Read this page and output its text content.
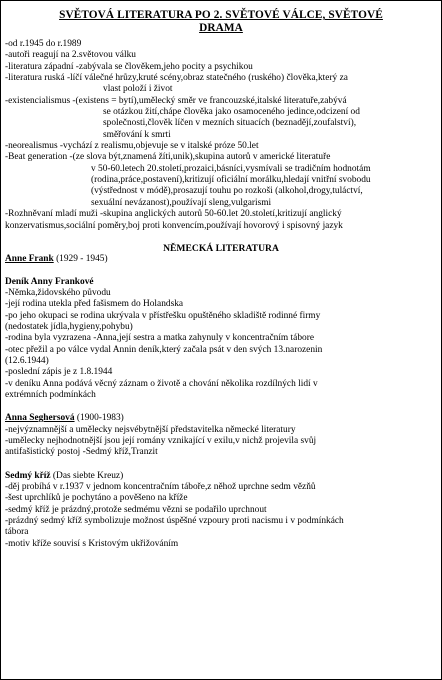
SVĚTOVÁ LITERATURA PO 2. SVĚTOVÉ VÁLCE, SVĚTOVÉ
DRAMA
-od r.1945 do r.1989
-autoři reagují na 2.světovou válku
-literatura západní -zabývala se člověkem,jeho pocity a psychikou
-literatura ruská -líčí válečné hrůzy,kruté scény,obraz statečného (ruského) člověka,který za
vlast položí i život
-existencialismus -(existens = bytí),umělecký směr ve francouzské,italské literatuře,zabývá
se otázkou žití,chápe člověka jako osamoceného jedince,odcizení od
společnosti,člověk líčen v mezních situacích (beznadějí,zoufalství),
směřování k smrti
-neorealismus -vychází z realismu,objevuje se v italské próze 50.let
-Beat generation -(ze slova být,znamená žíti,unik),skupina autorů v americké literatuře
v 50-60.letech 20.století,prozaici,básníci,vysmívali se tradičním hodnotám
(rodina,práce,postavení),kritizují oficiální morálku,hledají vnitřní svobodu
(výstřednost v módě),prosazují touhu po rozkoši (alkohol,drogy,tuláctví,
sexuální nevázanost),používají sleng,vulgarismi
-Rozhněvaní mladí muži -skupina anglických autorů 50-60.let 20.století,kritizují anglický
konzervatismus,sociální poměry,boj proti konvencím,používají hovorový i spisovný jazyk
NĚMECKÁ LITERATURA
Anne Frank (1929 - 1945)
Deník Anny Frankové
-Němka,židovského původu
-její rodina utekla před fašismem do Holandska
-po jeho okupaci se rodina ukrývala v přístřešku opuštěného skladiště rodinné firmy
(nedostatek jídla,hygieny,pohybu)
-rodina byla vyzrazena -Anna,její sestra a matka zahynuly v koncentračním tábore
-otec přežil a po válce vydal Annin deník,který začala psát v den svých 13.narozenin
(12.6.1944)
-poslední zápis je z 1.8.1944
-v deníku Anna podává věcný záznam o životě a chování několika rozdílných lidí v
extrémních podmínkách
Anna Seghersová (1900-1983)
-nejvýznamnější a umělecky nejsvébytnější představitelka německé literatury
-umělecky nejhodnotnější jsou její romány vznikající v exilu,v nichž projevila svůj
antifašistický postoj -Sedmý kříž,Tranzit
Sedmý kříž (Das siebte Kreuz)
-děj probíhá v r.1937 v jednom koncentračním táboře,z něhož uprchne sedm vězňů
-šest uprchlíků je pochytáno a pověšeno na kříže
-sedmý kříž je prázdný,protože sedmému vězni se podařilo uprchnout
-prázdný sedmý kříž symbolizuje možnost úspěšné vzpoury proti nacismu i v podmínkách
tábora
-motiv kříže souvisí s Kristovým ukřižováním
